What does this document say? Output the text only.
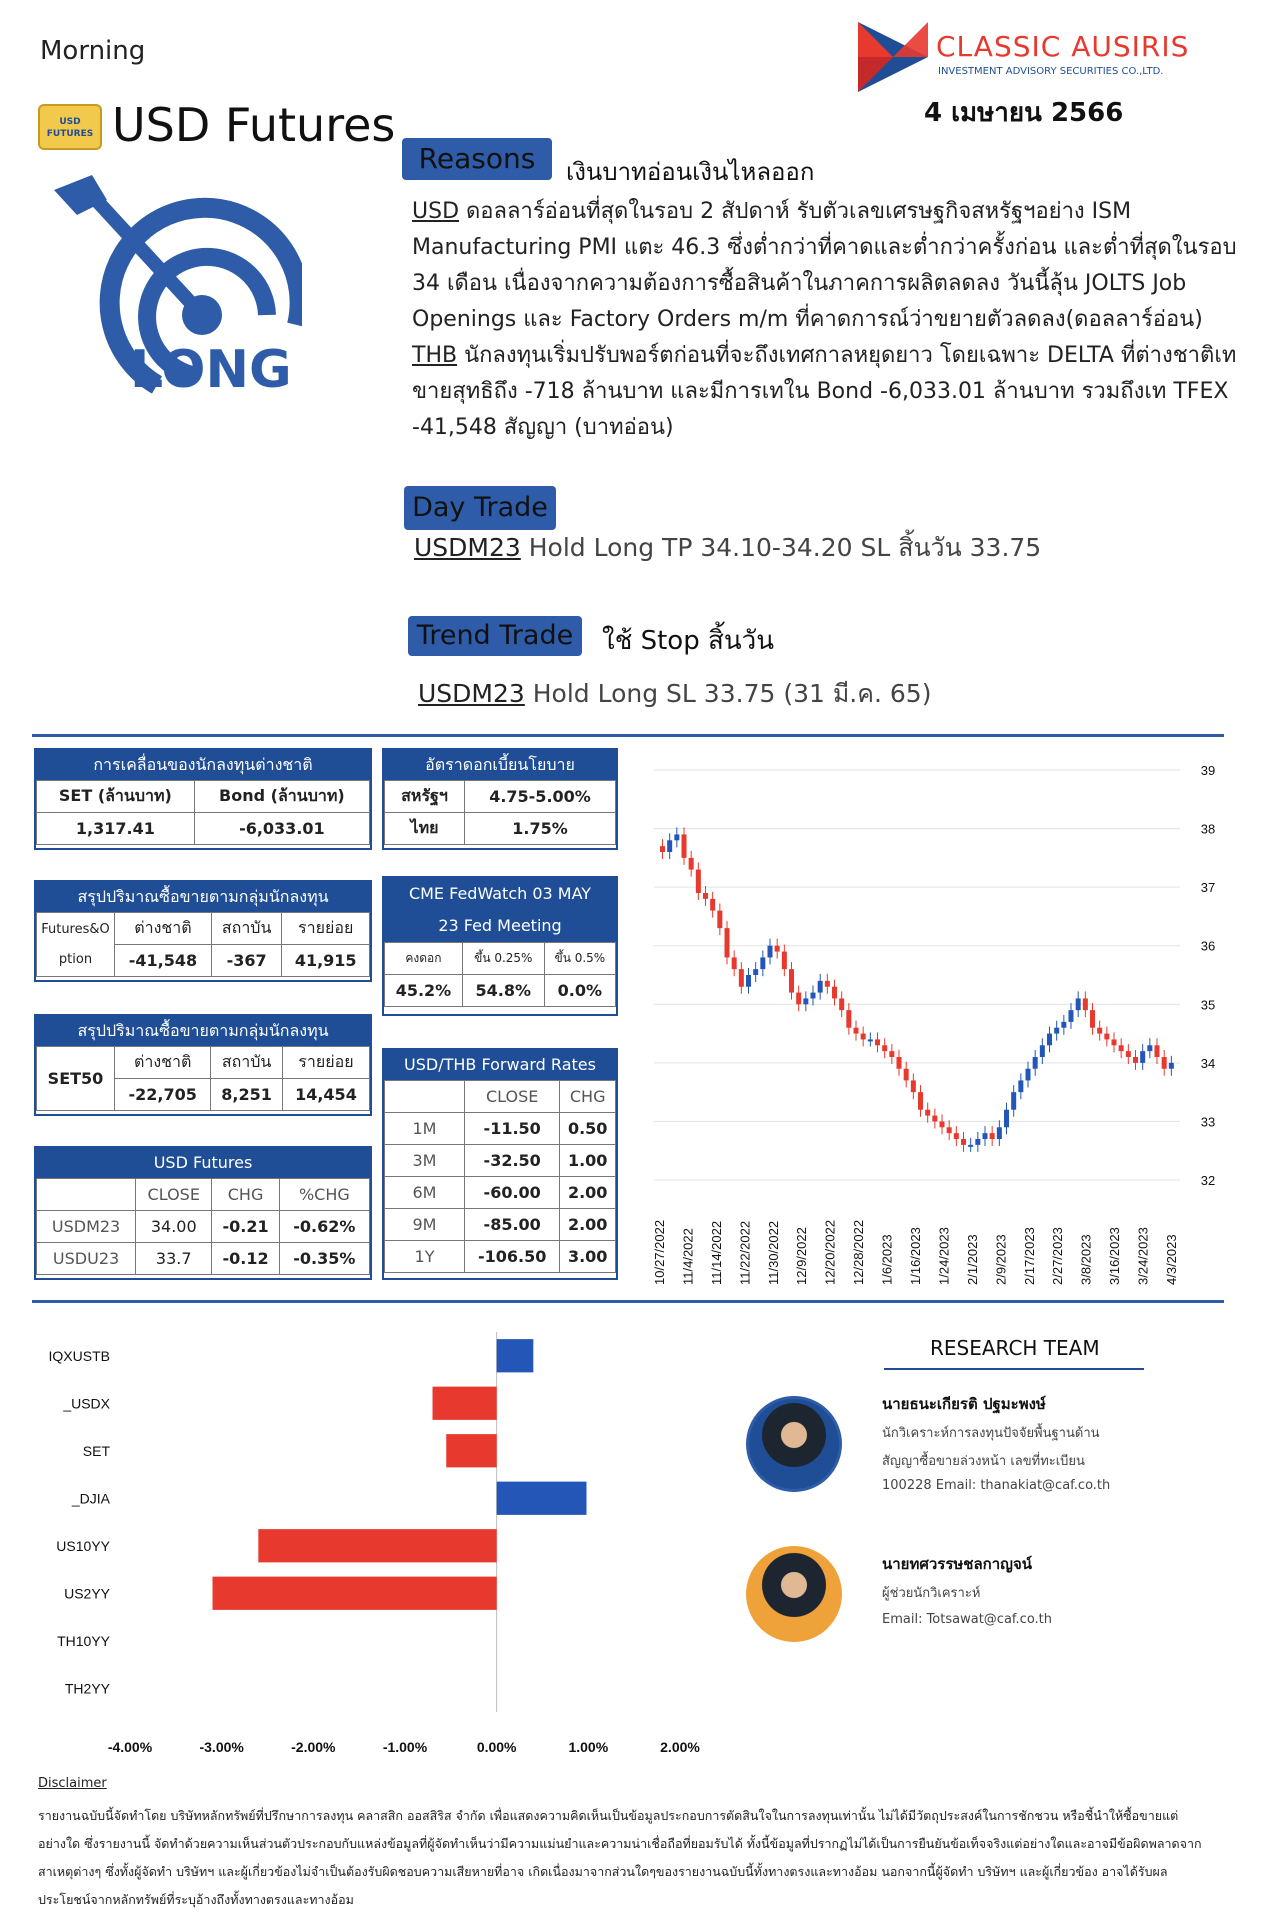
Morning
USD FUTURES USD Futures
CLASSIC AUSIRIS
INVESTMENT ADVISORY SECURITIES CO.,LTD.
4 เมษายน 2566
LONG
Reasons	เงินบาทอ่อนเงินไหลออก
USD ดอลลาร์อ่อนที่สุดในรอบ 2 สัปดาห์ รับตัวเลขเศรษฐกิจสหรัฐฯอย่าง ISM Manufacturing PMI แตะ 46.3 ซึ่งต่ำกว่าที่คาดและต่ำกว่าครั้งก่อน และต่ำที่สุดในรอบ 34 เดือน เนื่องจากความต้องการซื้อสินค้าในภาคการผลิตลดลง วันนี้ลุ้น JOLTS Job Openings และ Factory Orders m/m ที่คาดการณ์ว่าขยายตัวลดลง(ดอลลาร์อ่อน)
THB นักลงทุนเริ่มปรับพอร์ตก่อนที่จะถึงเทศกาลหยุดยาว โดยเฉพาะ DELTA ที่ต่างชาติเทขายสุทธิถึง -718 ล้านบาท และมีการเทใน Bond -6,033.01 ล้านบาท รวมถึงเท TFEX -41,548 สัญญา (บาทอ่อน)
Day Trade
USDM23 Hold Long TP 34.10-34.20 SL สิ้นวัน 33.75
Trend Trade	ใช้ Stop สิ้นวัน
USDM23 Hold Long SL 33.75 (31 มี.ค. 65)
การเคลื่อนของนักลงทุนต่างชาติ
SET (ล้านบาท)	Bond (ล้านบาท)
1,317.41	-6,033.01
อัตราดอกเบี้ยนโยบาย
สหรัฐฯ	4.75-5.00%
ไทย	1.75%
สรุปปริมาณซื้อขายตามกลุ่มนักลงทุน
Futures&O
ption	ต่างชาติ	สถาบัน	รายย่อย
	-41,548	-367	41,915
CME FedWatch 03 MAY
23 Fed Meeting
คงดอก	ขึ้น 0.25%	ขึ้น 0.5%
45.2%	54.8%	0.0%
สรุปปริมาณซื้อขายตามกลุ่มนักลงทุน
SET50	ต่างชาติ	สถาบัน	รายย่อย
	-22,705	8,251	14,454
USD Futures
	CLOSE	CHG	%CHG
USDM23	34.00	-0.21	-0.62%
USDU23	33.7	-0.12	-0.35%
USD/THB Forward Rates
	CLOSE	CHG
1M	-11.50	0.50
3M	-32.50	1.00
6M	-60.00	2.00
9M	-85.00	2.00
1Y	-106.50	3.00
39
38
37
36
35
34
33
32
10/27/2022 11/4/2022 11/14/2022 11/22/2022 11/30/2022 12/9/2022 12/20/2022 12/28/2022 1/6/2023 1/16/2023 1/24/2023 2/1/2023 2/9/2023 2/17/2023 2/27/2023 3/8/2023 3/16/2023 3/24/2023 4/3/2023
IQXUSTB
_USDX
SET
_DJIA
US10YY
US2YY
TH10YY
TH2YY
-4.00%	-3.00%	-2.00%	-1.00%	0.00%	1.00%	2.00%
RESEARCH TEAM
นายธนะเกียรติ ปฐมะพงษ์
นักวิเคราะห์การลงทุนปัจจัยพื้นฐานด้าน
สัญญาซื้อขายล่วงหน้า เลขที่ทะเบียน
100228 Email: thanakiat@caf.co.th
นายทศวรรษชลกาญจน์
ผู้ช่วยนักวิเคราะห์
Email: Totsawat@caf.co.th
Disclaimer
รายงานฉบับนี้จัดทำโดย บริษัทหลักทรัพย์ที่ปรึกษาการลงทุน คลาสสิก ออสสิริส จำกัด เพื่อแสดงความคิดเห็นเป็นข้อมูลประกอบการตัดสินใจในการลงทุนเท่านั้น ไม่ได้มีวัตถุประสงค์ในการชักชวน หรือชี้นำให้ซื้อขายแต่อย่างใด ซึ่งรายงานนี้ จัดทำด้วยความเห็นส่วนตัวประกอบกับแหล่งข้อมูลที่ผู้จัดทำเห็นว่ามีความแม่นยำและความน่าเชื่อถือที่ยอมรับได้ ทั้งนี้ข้อมูลที่ปรากฏไม่ได้เป็นการยืนยันข้อเท็จจริงแต่อย่างใดและอาจมีข้อผิดพลาดจากสาเหตุต่างๆ ซึ่งทั้งผู้จัดทำ บริษัทฯ และผู้เกี่ยวข้องไม่จำเป็นต้องรับผิดชอบความเสียหายที่อาจ เกิดเนื่องมาจากส่วนใดๆของรายงานฉบับนี้ทั้งทางตรงและทางอ้อม นอกจากนี้ผู้จัดทำ บริษัทฯ และผู้เกี่ยวข้อง อาจได้รับผลประโยชน์จากหลักทรัพย์ที่ระบุอ้างถึงทั้งทางตรงและทางอ้อม
